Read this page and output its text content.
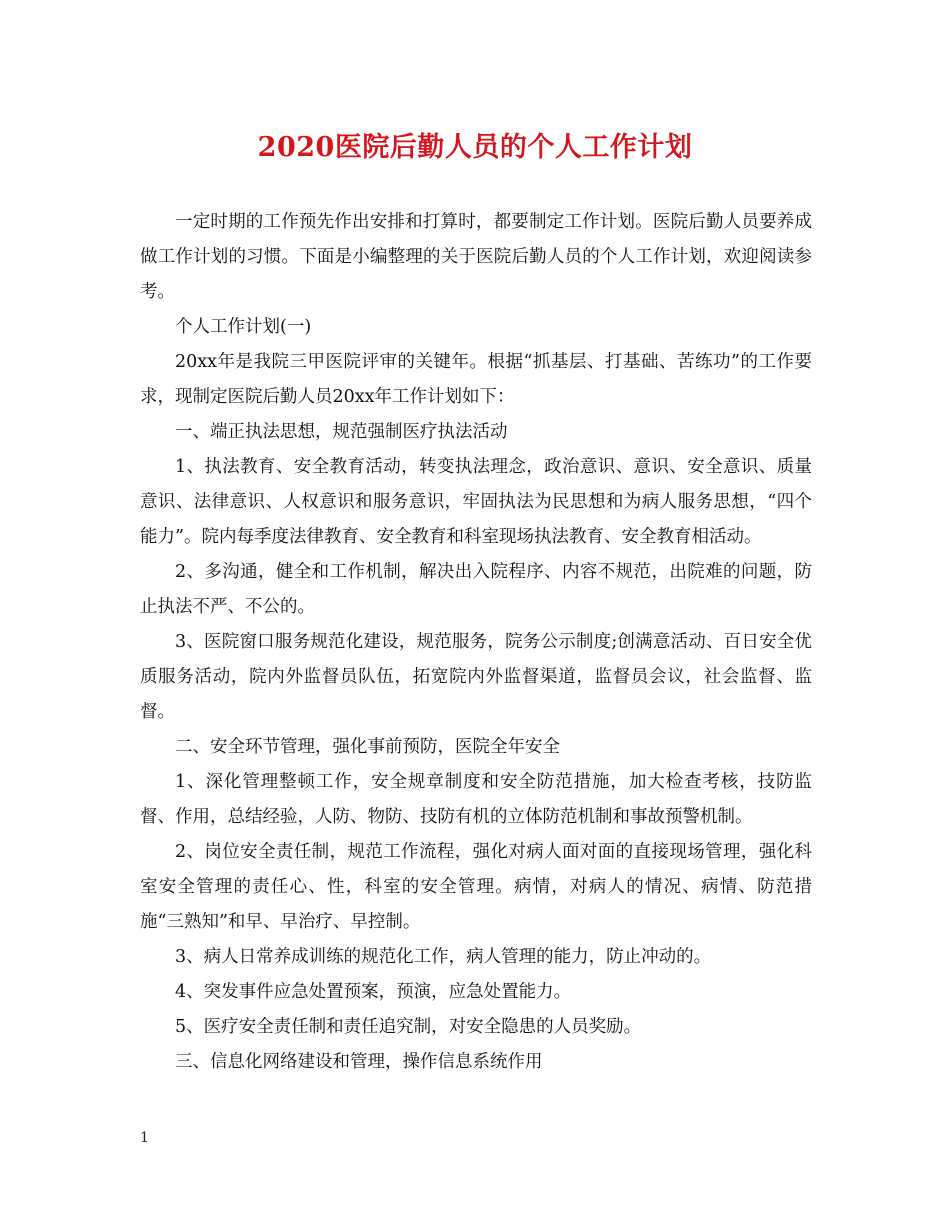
2020医院后勤人员的个人工作计划

一定时期的工作预先作出安排和打算时，都要制定工作计划。医院后勤人员要养成做工作计划的习惯。下面是小编整理的关于医院后勤人员的个人工作计划，欢迎阅读参考。

个人工作计划(一)

20xx年是我院三甲医院评审的关键年。根据“抓基层、打基础、苦练功”的工作要求，现制定医院后勤人员20xx年工作计划如下：

一、端正执法思想，规范强制医疗执法活动

1、执法教育、安全教育活动，转变执法理念，政治意识、意识、安全意识、质量意识、法律意识、人权意识和服务意识，牢固执法为民思想和为病人服务思想，“四个能力”。院内每季度法律教育、安全教育和科室现场执法教育、安全教育相活动。

2、多沟通，健全和工作机制，解决出入院程序、内容不规范，出院难的问题，防止执法不严、不公的。

3、医院窗口服务规范化建设，规范服务，院务公示制度;创满意活动、百日安全优质服务活动，院内外监督员队伍，拓宽院内外监督渠道，监督员会议，社会监督、监督。

二、安全环节管理，强化事前预防，医院全年安全

1、深化管理整顿工作，安全规章制度和安全防范措施，加大检查考核，技防监督、作用，总结经验，人防、物防、技防有机的立体防范机制和事故预警机制。

2、岗位安全责任制，规范工作流程，强化对病人面对面的直接现场管理，强化科室安全管理的责任心、性，科室的安全管理。病情，对病人的情况、病情、防范措施“三熟知”和早、早治疗、早控制。

3、病人日常养成训练的规范化工作，病人管理的能力，防止冲动的。

4、突发事件应急处置预案，预演，应急处置能力。

5、医疗安全责任制和责任追究制，对安全隐患的人员奖励。

三、信息化网络建设和管理，操作信息系统作用

1
